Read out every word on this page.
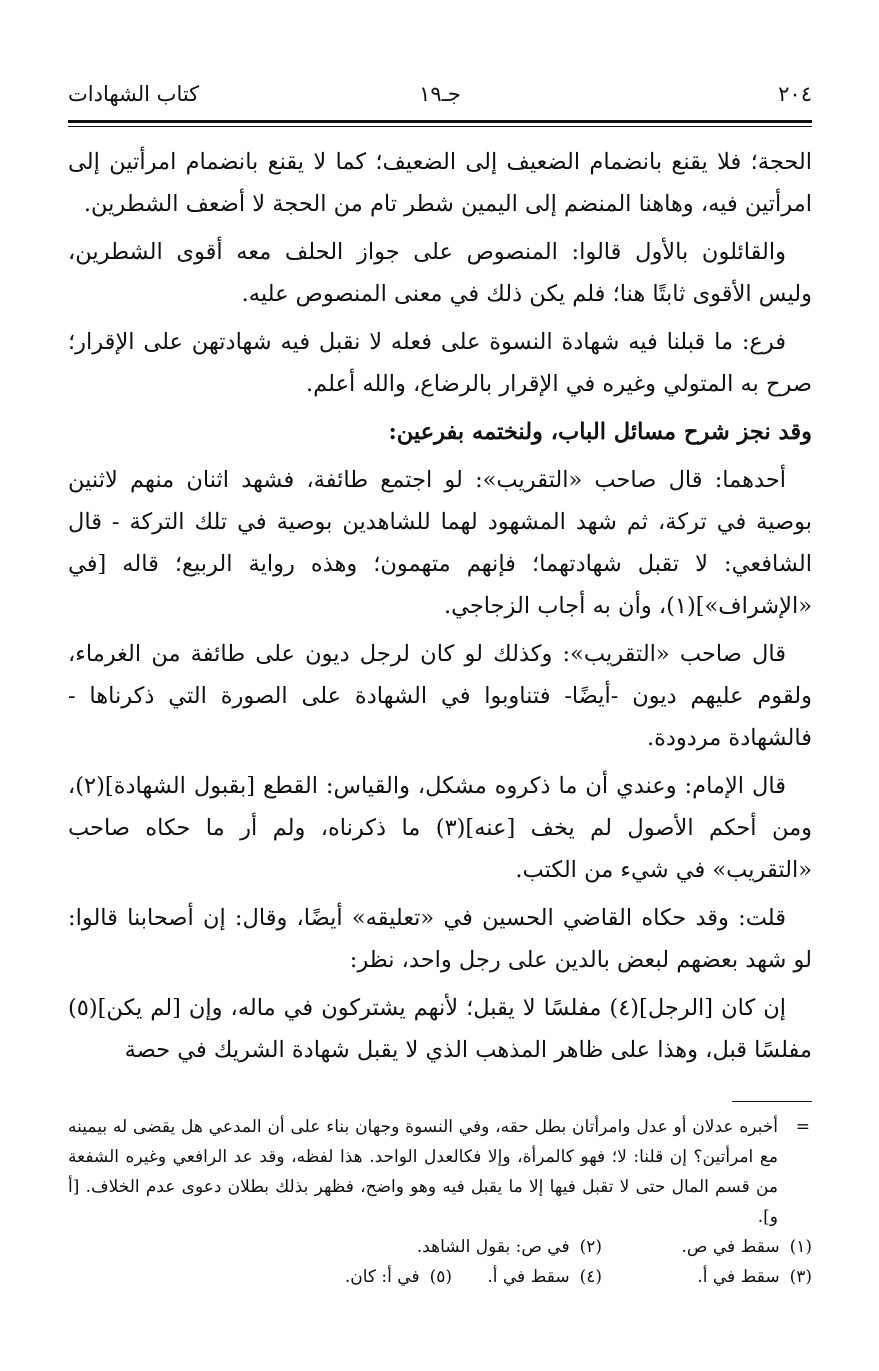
٢٠٤
جـ١٩
كتاب الشهادات

الحجة؛ فلا يقنع بانضمام الضعيف إلى الضعيف؛ كما لا يقنع بانضمام امرأتين إلى امرأتين فيه، وهاهنا المنضم إلى اليمين شطر تام من الحجة لا أضعف الشطرين.

والقائلون بالأول قالوا: المنصوص على جواز الحلف معه أقوى الشطرين، وليس الأقوى ثابتًا هنا؛ فلم يكن ذلك في معنى المنصوص عليه.

فرع: ما قبلنا فيه شهادة النسوة على فعله لا نقبل فيه شهادتهن على الإقرار؛ صرح به المتولي وغيره في الإقرار بالرضاع، والله أعلم.

وقد نجز شرح مسائل الباب، ولنختمه بفرعين:

أحدهما: قال صاحب «التقريب»: لو اجتمع طائفة، فشهد اثنان منهم لاثنين بوصية في تركة، ثم شهد المشهود لهما للشاهدين بوصية في تلك التركة - قال الشافعي: لا تقبل شهادتهما؛ فإنهم متهمون؛ وهذه رواية الربيع؛ قاله [في «الإشراف»](١)، وأن به أجاب الزجاجي.

قال صاحب «التقريب»: وكذلك لو كان لرجل ديون على طائفة من الغرماء، ولقوم عليهم ديون -أيضًا- فتناوبوا في الشهادة على الصورة التي ذكرناها - فالشهادة مردودة.

قال الإمام: وعندي أن ما ذكروه مشكل، والقياس: القطع [بقبول الشهادة](٢)، ومن أحكم الأصول لم يخف [عنه](٣) ما ذكرناه، ولم أر ما حكاه صاحب «التقريب» في شيء من الكتب.

قلت: وقد حكاه القاضي الحسين في «تعليقه» أيضًا، وقال: إن أصحابنا قالوا: لو شهد بعضهم لبعض بالدين على رجل واحد، نظر:

إن كان [الرجل](٤) مفلسًا لا يقبل؛ لأنهم يشتركون في ماله، وإن [لم يكن](٥) مفلسًا قبل، وهذا على ظاهر المذهب الذي لا يقبل شهادة الشريك في حصة

=
أخبره عدلان أو عدل وامرأتان بطل حقه، وفي النسوة وجهان بناء على أن المدعي هل يقضى له بيمينه مع امرأتين؟ إن قلنا: لا؛ فهو كالمرأة، وإلا فكالعدل الواحد. هذا لفظه، وقد عد الرافعي وغيره الشفعة من قسم المال حتى لا تقبل فيها إلا ما يقبل فيه وهو واضح، فظهر بذلك بطلان دعوى عدم الخلاف. [أ و].
(١)سقط في ص.
(٢)في ص: بقول الشاهد.
(٣)سقط في أ.
(٤)سقط في أ.
(٥)في أ: كان.
